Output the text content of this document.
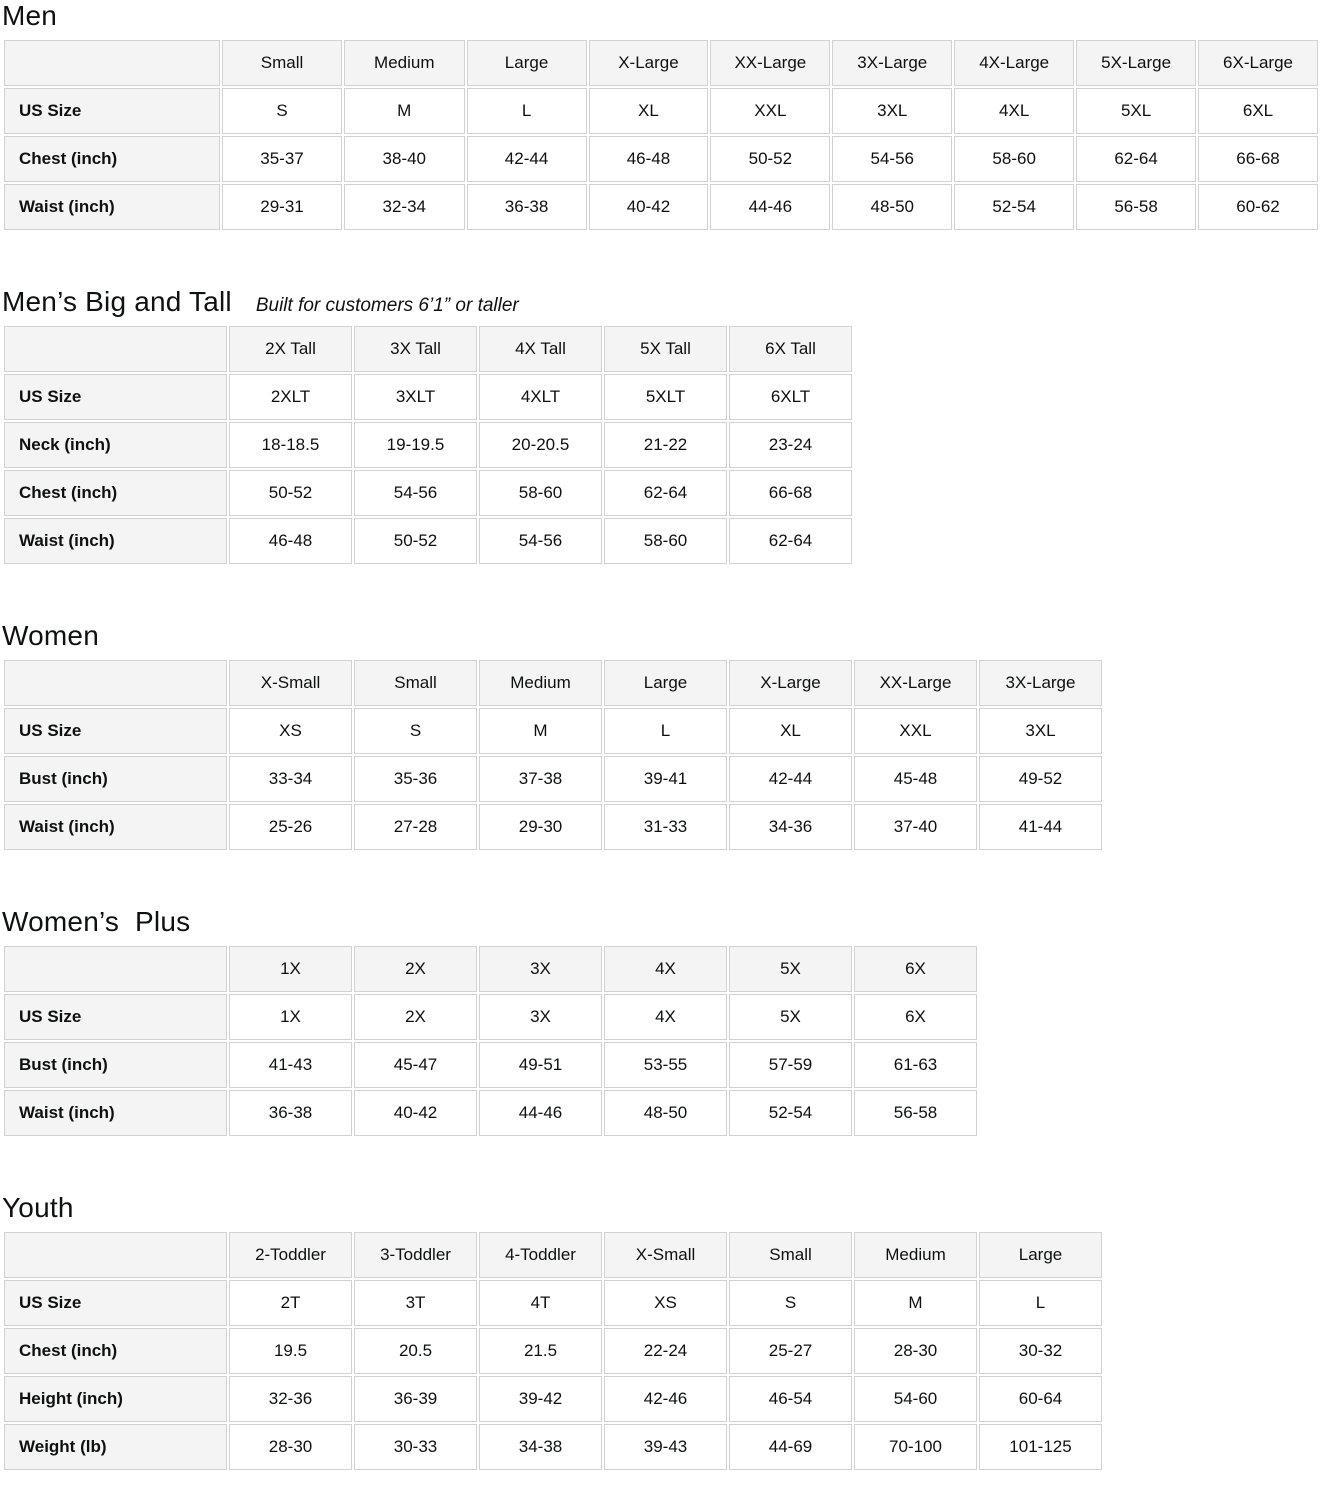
Men
	Small	Medium	Large	X-Large	XX-Large	3X-Large	4X-Large	5X-Large	6X-Large
US Size	S	M	L	XL	XXL	3XL	4XL	5XL	6XL
Chest (inch)	35-37	38-40	42-44	46-48	50-52	54-56	58-60	62-64	66-68
Waist (inch)	29-31	32-34	36-38	40-42	44-46	48-50	52-54	56-58	60-62
Men’s Big and Tall Built for customers 6’1” or taller
	2X Tall	3X Tall	4X Tall	5X Tall	6X Tall
US Size	2XLT	3XLT	4XLT	5XLT	6XLT
Neck (inch)	18-18.5	19-19.5	20-20.5	21-22	23-24
Chest (inch)	50-52	54-56	58-60	62-64	66-68
Waist (inch)	46-48	50-52	54-56	58-60	62-64
Women
	X-Small	Small	Medium	Large	X-Large	XX-Large	3X-Large
US Size	XS	S	M	L	XL	XXL	3XL
Bust (inch)	33-34	35-36	37-38	39-41	42-44	45-48	49-52
Waist (inch)	25-26	27-28	29-30	31-33	34-36	37-40	41-44
Women’s  Plus
	1X	2X	3X	4X	5X	6X
US Size	1X	2X	3X	4X	5X	6X
Bust (inch)	41-43	45-47	49-51	53-55	57-59	61-63
Waist (inch)	36-38	40-42	44-46	48-50	52-54	56-58
Youth
	2-Toddler	3-Toddler	4-Toddler	X-Small	Small	Medium	Large
US Size	2T	3T	4T	XS	S	M	L
Chest (inch)	19.5	20.5	21.5	22-24	25-27	28-30	30-32
Height (inch)	32-36	36-39	39-42	42-46	46-54	54-60	60-64
Weight (lb)	28-30	30-33	34-38	39-43	44-69	70-100	101-125
